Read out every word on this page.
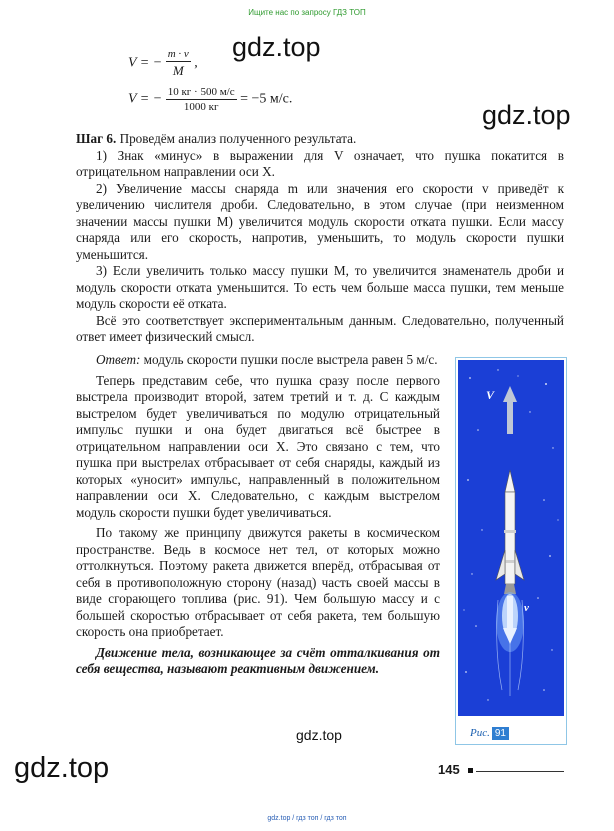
Ищите нас по запросу ГДЗ ТОП
gdz.top
gdz.top
gdz.top
gdz.top
V = − $\frac{m \cdot v}{M}$ ,
V = − $\frac{10 кг \cdot 500 м/с}{1000 кг} = -5$ м/с.

Шаг 6. Проведём анализ полученного результата.

1) Знак «минус» в выражении для V означает, что пушка покатится в отрицательном направлении оси X.

2) Увеличение массы снаряда m или значения его скорости v приведёт к увеличению числителя дроби. Следовательно, в этом случае (при неизменном значении массы пушки M) увеличится модуль скорости отката пушки. Если массу снаряда или его скорость, напротив, уменьшить, то модуль скорости пушки уменьшится.

3) Если увеличить только массу пушки M, то увеличится знаменатель дроби и модуль скорости отката уменьшится. То есть чем больше масса пушки, тем меньше модуль скорости её отката.

Всё это соответствует экспериментальным данным. Следовательно, полученный ответ имеет физический смысл.

Ответ: модуль скорости пушки после выстрела равен 5 м/с.

Теперь представим себе, что пушка сразу после первого выстрела производит второй, затем третий и т. д. С каждым выстрелом будет увеличиваться по модулю отрицательный импульс пушки и она будет двигаться всё быстрее в отрицательном направлении оси X. Это связано с тем, что пушка при выстрелах отбрасывает от себя снаряды, каждый из которых «уносит» импульс, направленный в положительном направлении оси X. Следовательно, с каждым выстрелом модуль скорости пушки будет увеличиваться.

По такому же принципу движутся ракеты в космическом пространстве. Ведь в космосе нет тел, от которых можно оттолкнуться. Поэтому ракета движется вперёд, отбрасывая от себя в противоположную сторону (назад) часть своей массы в виде сгорающего топлива (рис. 91). Чем большую массу и с большей скоростью отбрасывает от себя ракета, тем большую скорость она приобретает.

Движение тела, возникающее за счёт отталкивания от себя вещества, называют реактивным движением.

V
v
Рис. 91
145
gdz.top / гдз топ / гдз топ
